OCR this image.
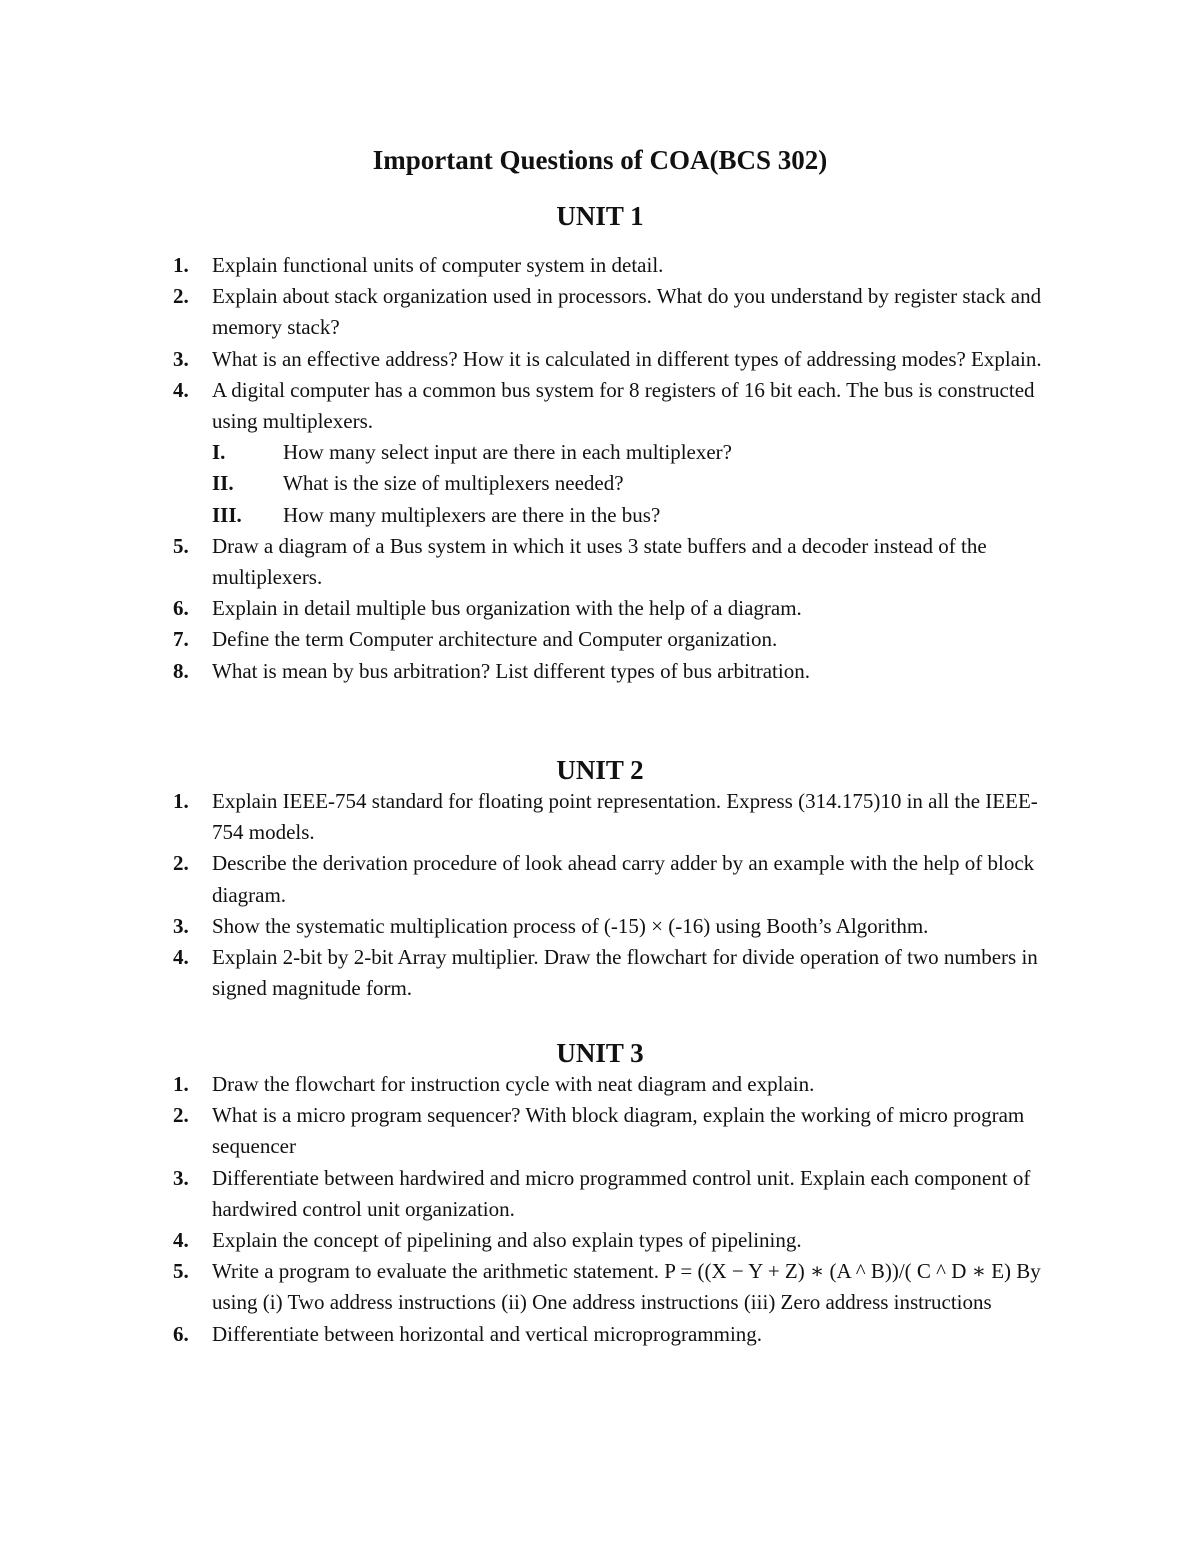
Important Questions of COA(BCS 302)
UNIT 1
1. Explain functional units of computer system in detail.
2. Explain about stack organization used in processors. What do you understand by register stack and memory stack?
3. What is an effective address? How it is calculated in different types of addressing modes? Explain.
4. A digital computer has a common bus system for 8 registers of 16 bit each. The bus is constructed using multiplexers.
I.	How many select input are there in each multiplexer?
II. What is the size of multiplexers needed?
III. How many multiplexers are there in the bus?
5. Draw a diagram of a Bus system in which it uses 3 state buffers and a decoder instead of the multiplexers.
6. Explain in detail multiple bus organization with the help of a diagram.
7. Define the term Computer architecture and Computer organization.
8. What is mean by bus arbitration? List different types of bus arbitration.
UNIT 2
1. Explain IEEE-754 standard for floating point representation. Express (314.175)10 in all the IEEE-754 models.
2. Describe the derivation procedure of look ahead carry adder by an example with the help of block diagram.
3. Show the systematic multiplication process of (-15) × (-16) using Booth’s Algorithm.
4. Explain 2-bit by 2-bit Array multiplier. Draw the flowchart for divide operation of two numbers in signed magnitude form.
UNIT 3
1. Draw the flowchart for instruction cycle with neat diagram and explain.
2. What is a micro program sequencer? With block diagram, explain the working of micro program sequencer
3. Differentiate between hardwired and micro programmed control unit. Explain each component of hardwired control unit organization.
4. Explain the concept of pipelining and also explain types of pipelining.
5. Write a program to evaluate the arithmetic statement. P = ((X − Y + Z) ∗ (A ^ B))/( C ^ D ∗ E) By using (i) Two address instructions (ii) One address instructions (iii) Zero address instructions
6. Differentiate between horizontal and vertical microprogramming.
